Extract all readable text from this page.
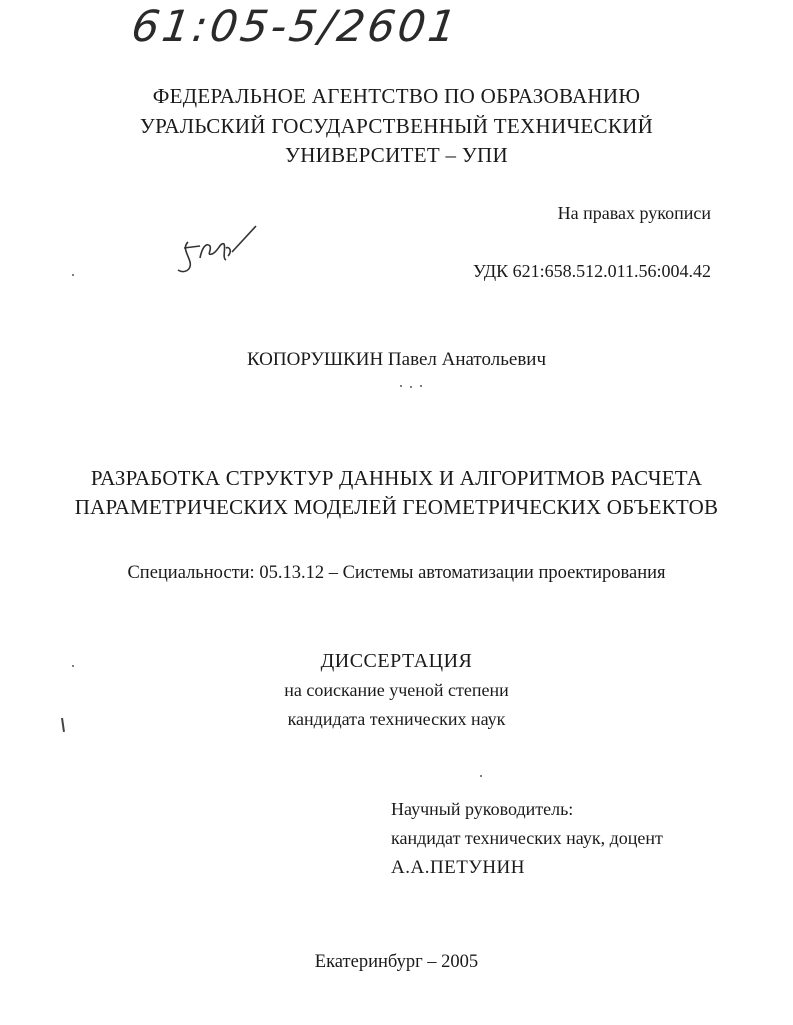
61:05-5/2601
ФЕДЕРАЛЬНОЕ АГЕНТСТВО ПО ОБРАЗОВАНИЮ
УРАЛЬСКИЙ ГОСУДАРСТВЕННЫЙ ТЕХНИЧЕСКИЙ
УНИВЕРСИТЕТ – УПИ
На правах рукописи
УДК 621:658.512.011.56:004.42
КОПОРУШКИН Павел Анатольевич
РАЗРАБОТКА СТРУКТУР ДАННЫХ И АЛГОРИТМОВ РАСЧЕТА
ПАРАМЕТРИЧЕСКИХ МОДЕЛЕЙ ГЕОМЕТРИЧЕСКИХ ОБЪЕКТОВ
Специальности: 05.13.12 – Системы автоматизации проектирования
ДИССЕРТАЦИЯ
на соискание ученой степени
кандидата технических наук
Научный руководитель:
кандидат технических наук, доцент
А.А.ПЕТУНИН
Екатеринбург – 2005
